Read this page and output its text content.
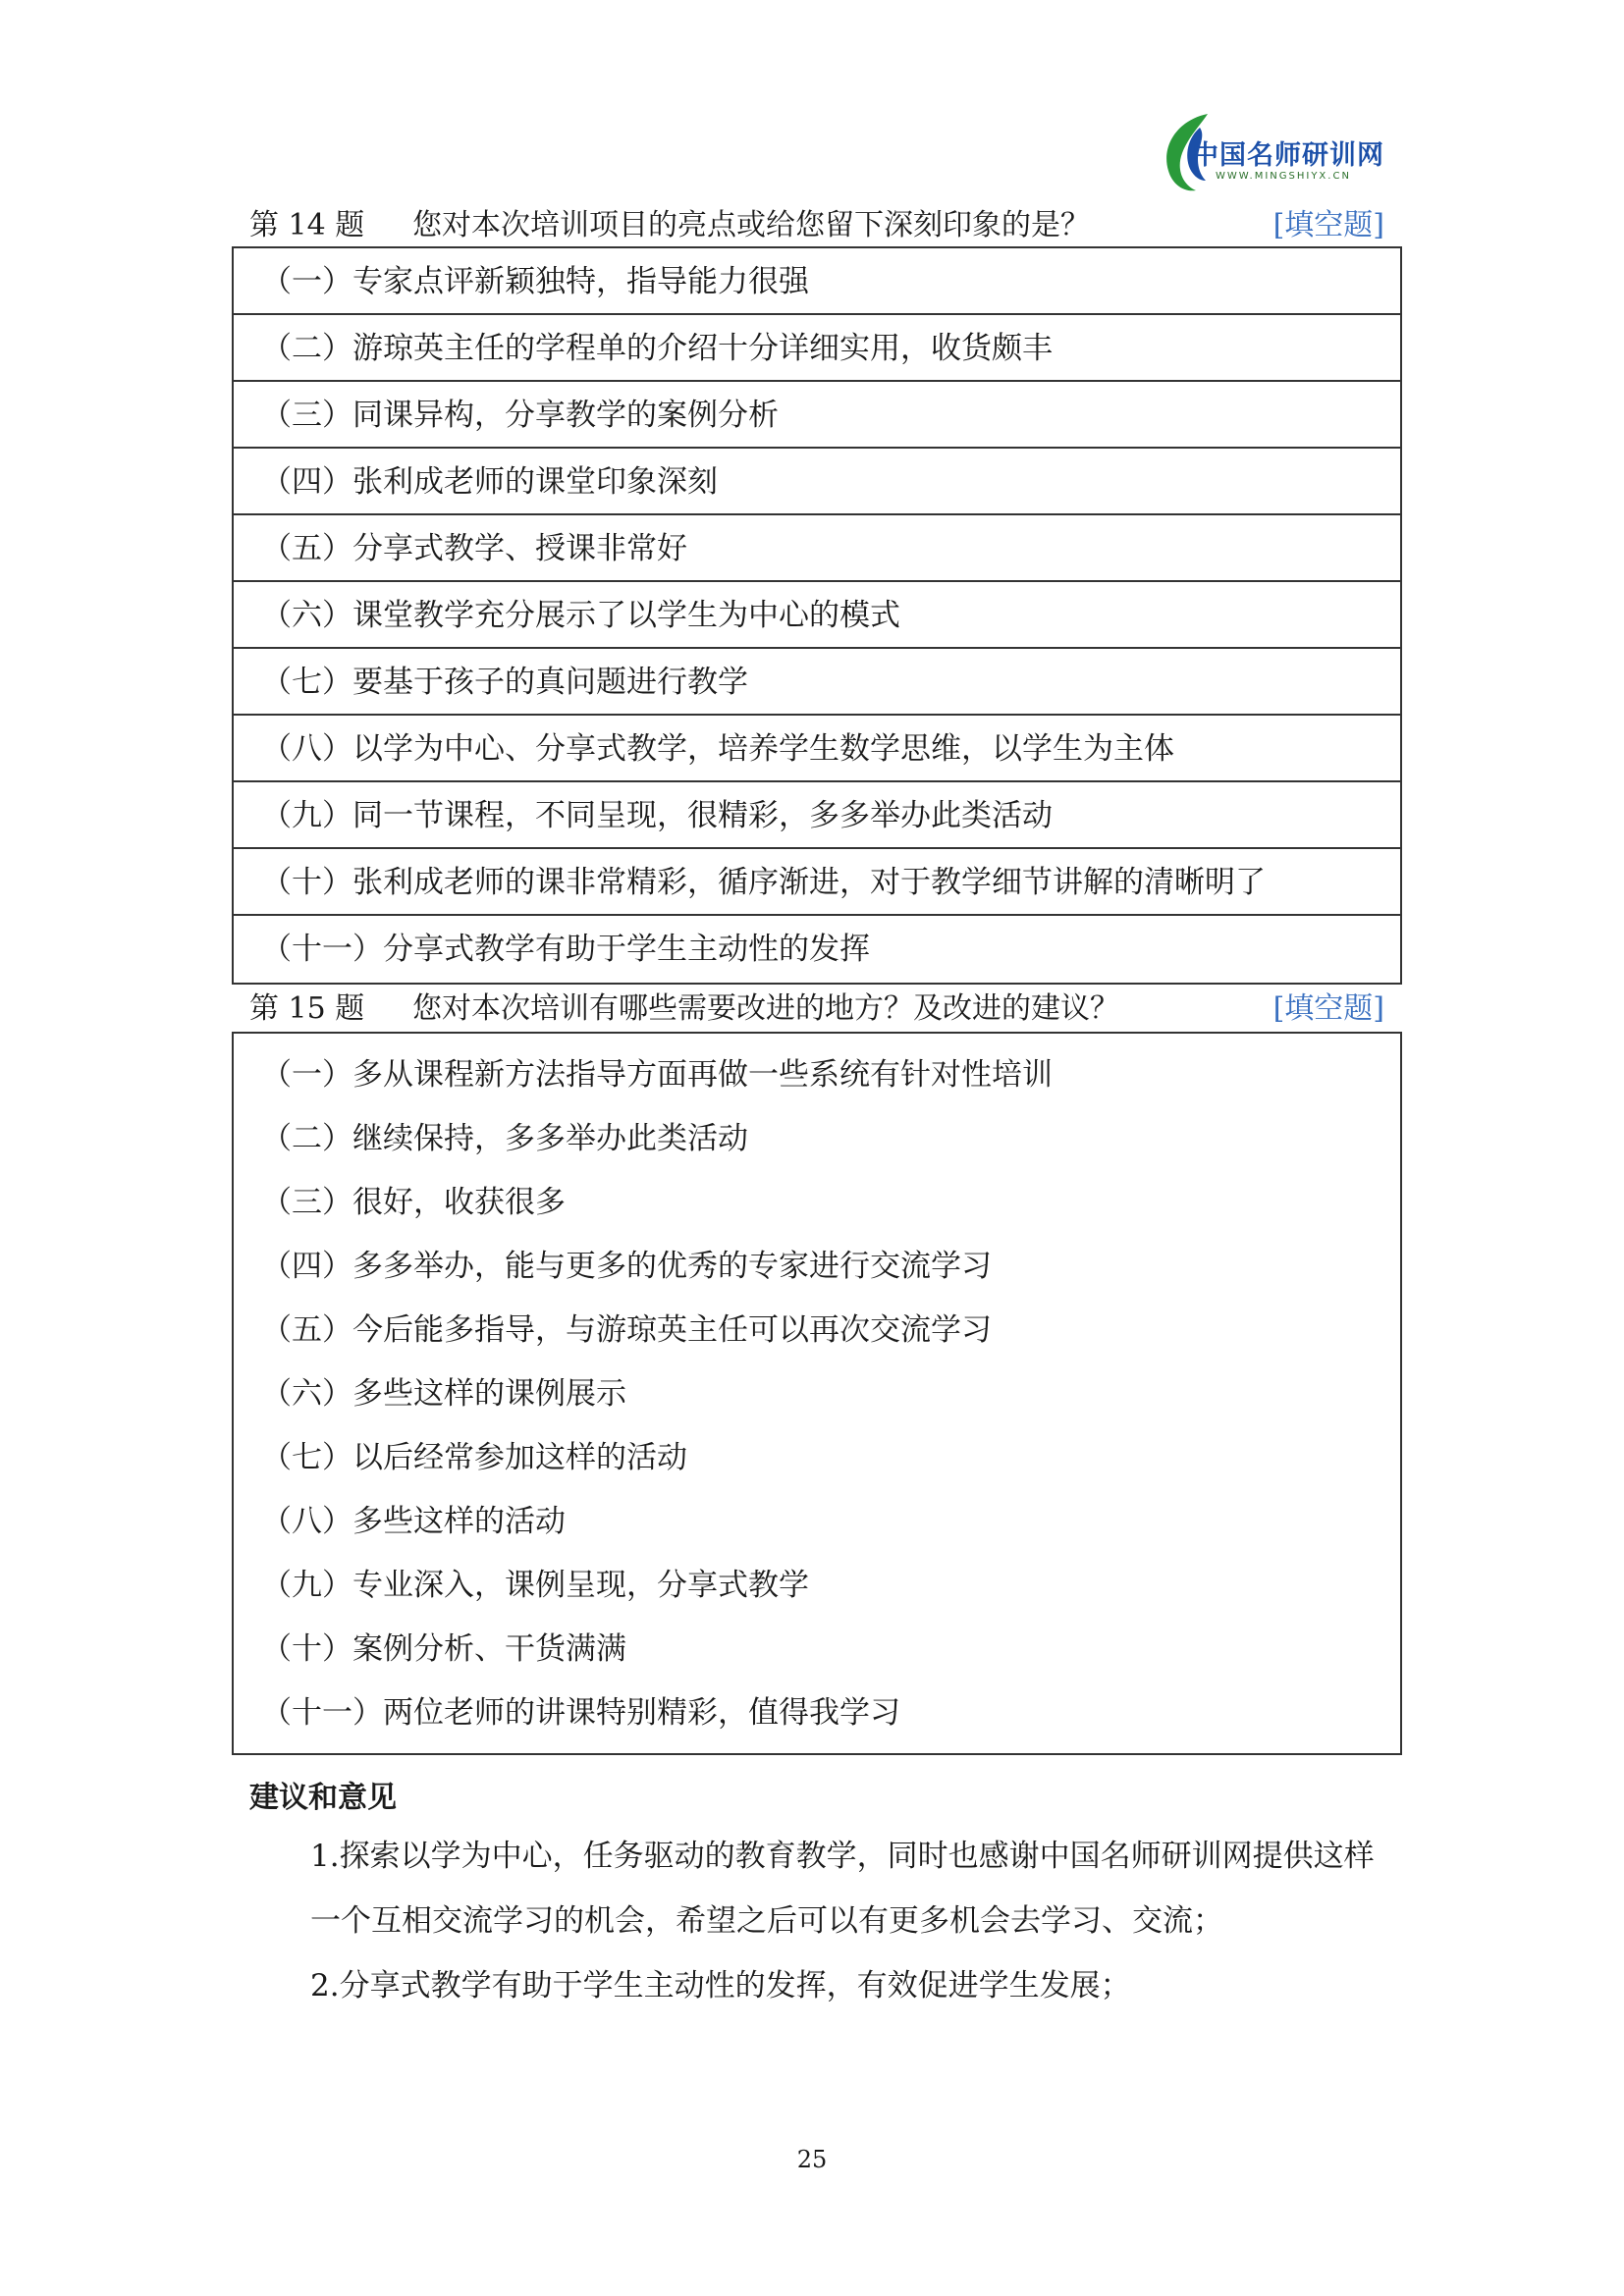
中国名师研训网
WWW.MINGSHIYX.CN
第 14 题 您对本次培训项目的亮点或给您留下深刻印象的是？	[填空题]
（一）专家点评新颖独特，指导能力很强
（二）游琼英主任的学程单的介绍十分详细实用，收货颇丰
（三）同课异构，分享教学的案例分析
（四）张利成老师的课堂印象深刻
（五）分享式教学、授课非常好
（六）课堂教学充分展示了以学生为中心的模式
（七）要基于孩子的真问题进行教学
（八）以学为中心、分享式教学，培养学生数学思维，以学生为主体
（九）同一节课程，不同呈现，很精彩，多多举办此类活动
（十）张利成老师的课非常精彩，循序渐进，对于教学细节讲解的清晰明了
（十一）分享式教学有助于学生主动性的发挥
第 15 题 您对本次培训有哪些需要改进的地方？及改进的建议？	[填空题]
（一）多从课程新方法指导方面再做一些系统有针对性培训
（二）继续保持，多多举办此类活动
（三）很好，收获很多
（四）多多举办，能与更多的优秀的专家进行交流学习
（五）今后能多指导，与游琼英主任可以再次交流学习
（六）多些这样的课例展示
（七）以后经常参加这样的活动
（八）多些这样的活动
（九）专业深入，课例呈现，分享式教学
（十）案例分析、干货满满
（十一）两位老师的讲课特别精彩，值得我学习
建议和意见
1.探索以学为中心，任务驱动的教育教学，同时也感谢中国名师研训网提供这样一个互相交流学习的机会，希望之后可以有更多机会去学习、交流；
2.分享式教学有助于学生主动性的发挥，有效促进学生发展；
25
